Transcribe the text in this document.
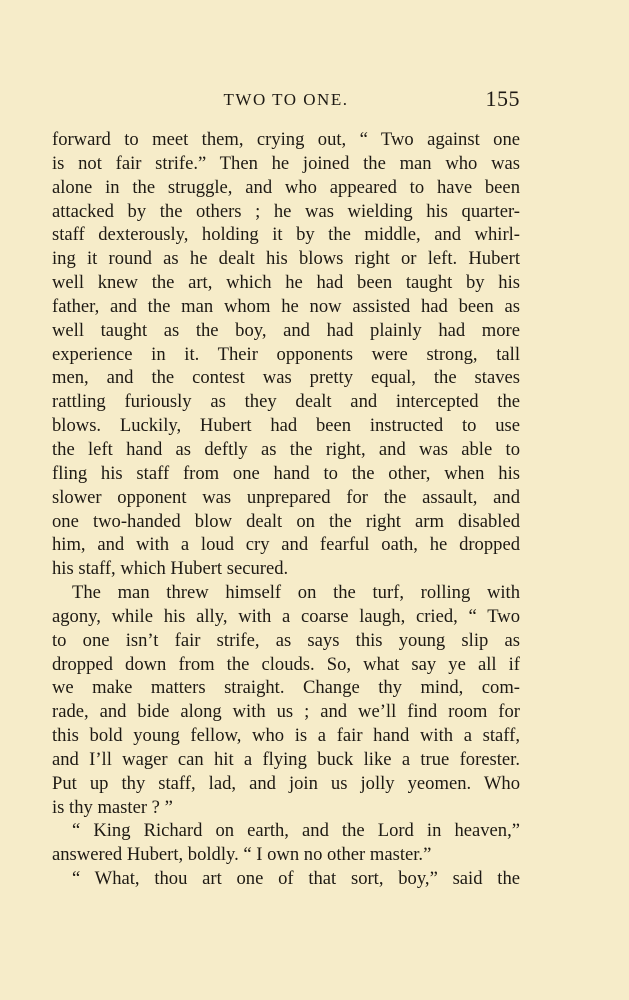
TWO TO ONE.	155
forward to meet them, crying out, “ Two against one
is not fair strife.” Then he joined the man who was
alone in the struggle, and who appeared to have been
attacked by the others ; he was wielding his quarter-
staff dexterously, holding it by the middle, and whirl-
ing it round as he dealt his blows right or left. Hubert
well knew the art, which he had been taught by his
father, and the man whom he now assisted had been as
well taught as the boy, and had plainly had more
experience in it. Their opponents were strong, tall
men, and the contest was pretty equal, the staves
rattling furiously as they dealt and intercepted the
blows. Luckily, Hubert had been instructed to use
the left hand as deftly as the right, and was able to
fling his staff from one hand to the other, when his
slower opponent was unprepared for the assault, and
one two-handed blow dealt on the right arm disabled
him, and with a loud cry and fearful oath, he dropped
his staff, which Hubert secured.
The man threw himself on the turf, rolling with
agony, while his ally, with a coarse laugh, cried, “ Two
to one isn’t fair strife, as says this young slip as
dropped down from the clouds. So, what say ye all if
we make matters straight. Change thy mind, com-
rade, and bide along with us ; and we’ll find room for
this bold young fellow, who is a fair hand with a staff,
and I’ll wager can hit a flying buck like a true forester.
Put up thy staff, lad, and join us jolly yeomen. Who
is thy master ? ”
“ King Richard on earth, and the Lord in heaven,”
answered Hubert, boldly. “ I own no other master.”
“ What, thou art one of that sort, boy,” said the
